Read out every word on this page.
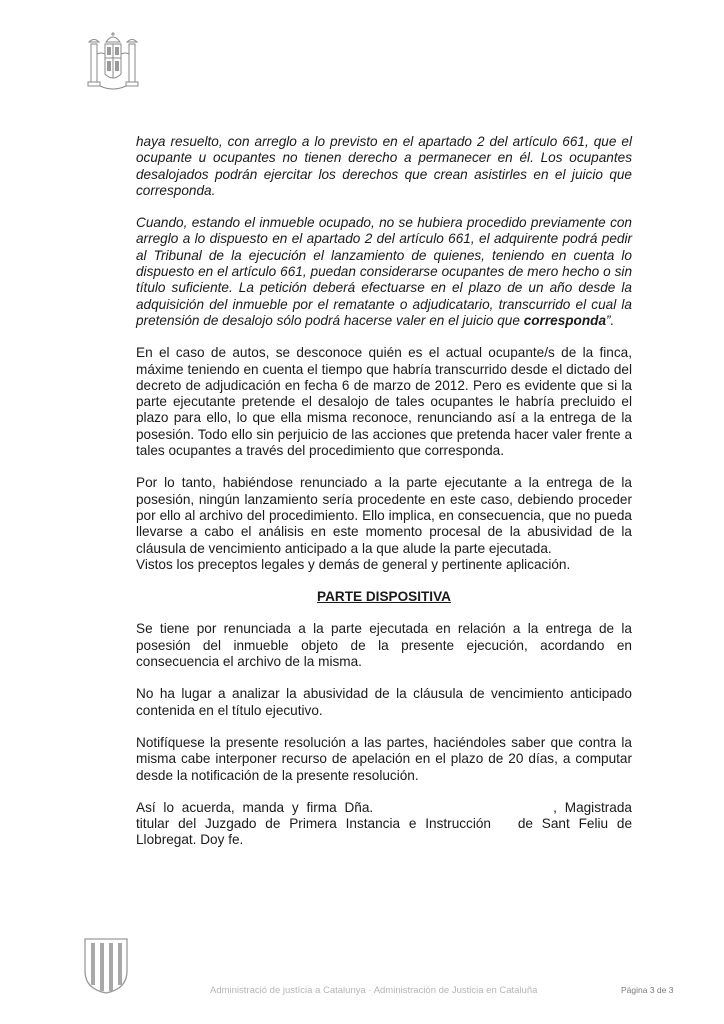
haya resuelto, con arreglo a lo previsto en el apartado 2 del artículo 661, que el ocupante u ocupantes no tienen derecho a permanecer en él. Los ocupantes desalojados podrán ejercitar los derechos que crean asistirles en el juicio que corresponda.

Cuando, estando el inmueble ocupado, no se hubiera procedido previamente con arreglo a lo dispuesto en el apartado 2 del artículo 661, el adquirente podrá pedir al Tribunal de la ejecución el lanzamiento de quienes, teniendo en cuenta lo dispuesto en el artículo 661, puedan considerarse ocupantes de mero hecho o sin título suficiente. La petición deberá efectuarse en el plazo de un año desde la adquisición del inmueble por el rematante o adjudicatario, transcurrido el cual la pretensión de desalojo sólo podrá hacerse valer en el juicio que corresponda”.

En el caso de autos, se desconoce quién es el actual ocupante/s de la finca, máxime teniendo en cuenta el tiempo que habría transcurrido desde el dictado del decreto de adjudicación en fecha 6 de marzo de 2012. Pero es evidente que si la parte ejecutante pretende el desalojo de tales ocupantes le habría precluido el plazo para ello, lo que ella misma reconoce, renunciando así a la entrega de la posesión. Todo ello sin perjuicio de las acciones que pretenda hacer valer frente a tales ocupantes a través del procedimiento que corresponda.

Por lo tanto, habiéndose renunciado a la parte ejecutante a la entrega de la posesión, ningún lanzamiento sería procedente en este caso, debiendo proceder por ello al archivo del procedimiento. Ello implica, en consecuencia, que no pueda llevarse a cabo el análisis en este momento procesal de la abusividad de la cláusula de vencimiento anticipado a la que alude la parte ejecutada.

Vistos los preceptos legales y demás de general y pertinente aplicación.

PARTE DISPOSITIVA

Se tiene por renunciada a la parte ejecutada en relación a la entrega de la posesión del inmueble objeto de la presente ejecución, acordando en consecuencia el archivo de la misma.

No ha lugar a analizar la abusividad de la cláusula de vencimiento anticipado contenida en el título ejecutivo.

Notifíquese la presente resolución a las partes, haciéndoles saber que contra la misma cabe interponer recurso de apelación en el plazo de 20 días, a computar desde la notificación de la presente resolución.

Así lo acuerda, manda y firma Dña.	, Magistrada titular del Juzgado de Primera Instancia e Instrucción de Sant Feliu de Llobregat. Doy fe.

Administració de justícia a Catalunya · Administración de Justicia en Cataluña	Página 3 de 3
